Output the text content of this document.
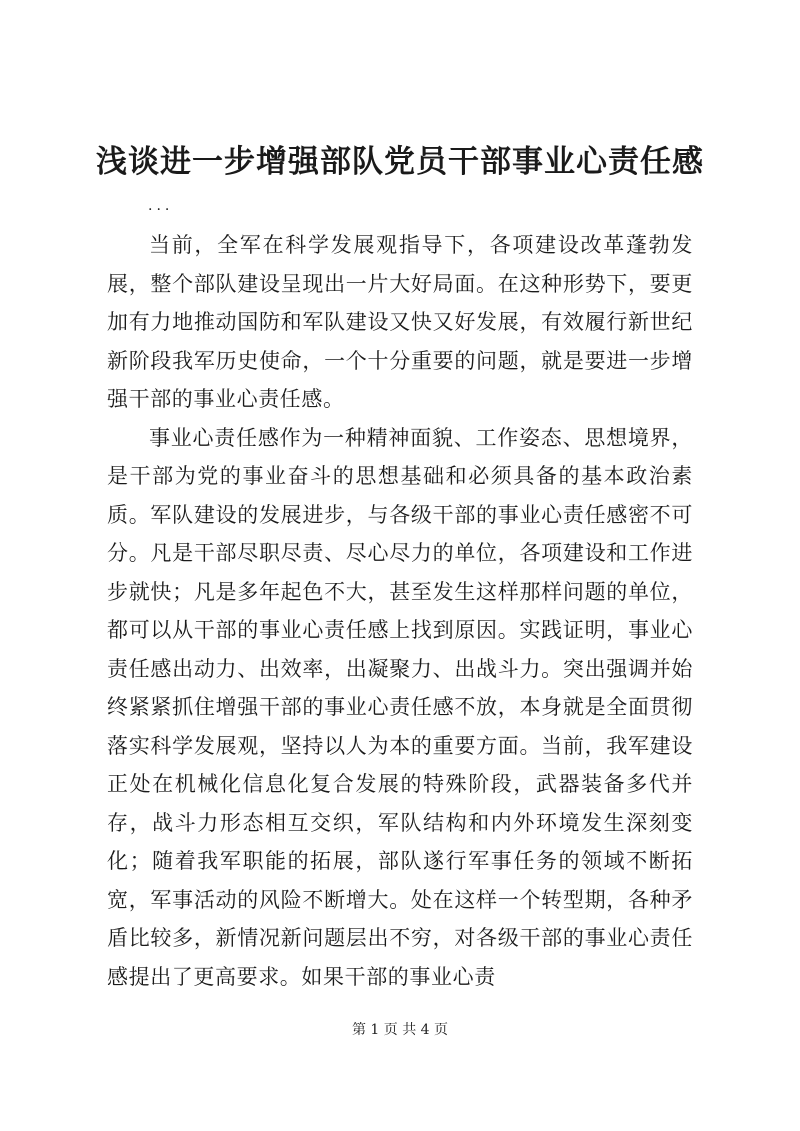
浅谈进一步增强部队党员干部事业心责任感
...

当前，全军在科学发展观指导下，各项建设改革蓬勃发展，整个部队建设呈现出一片大好局面。在这种形势下，要更加有力地推动国防和军队建设又快又好发展，有效履行新世纪新阶段我军历史使命，一个十分重要的问题，就是要进一步增强干部的事业心责任感。

事业心责任感作为一种精神面貌、工作姿态、思想境界，是干部为党的事业奋斗的思想基础和必须具备的基本政治素质。军队建设的发展进步，与各级干部的事业心责任感密不可分。凡是干部尽职尽责、尽心尽力的单位，各项建设和工作进步就快；凡是多年起色不大，甚至发生这样那样问题的单位，都可以从干部的事业心责任感上找到原因。实践证明，事业心责任感出动力、出效率，出凝聚力、出战斗力。突出强调并始终紧紧抓住增强干部的事业心责任感不放，本身就是全面贯彻落实科学发展观，坚持以人为本的重要方面。当前，我军建设正处在机械化信息化复合发展的特殊阶段，武器装备多代并存，战斗力形态相互交织，军队结构和内外环境发生深刻变化；随着我军职能的拓展，部队遂行军事任务的领域不断拓宽，军事活动的风险不断增大。处在这样一个转型期，各种矛盾比较多，新情况新问题层出不穷，对各级干部的事业心责任感提出了更高要求。如果干部的事业心责

第 1 页 共 4 页
